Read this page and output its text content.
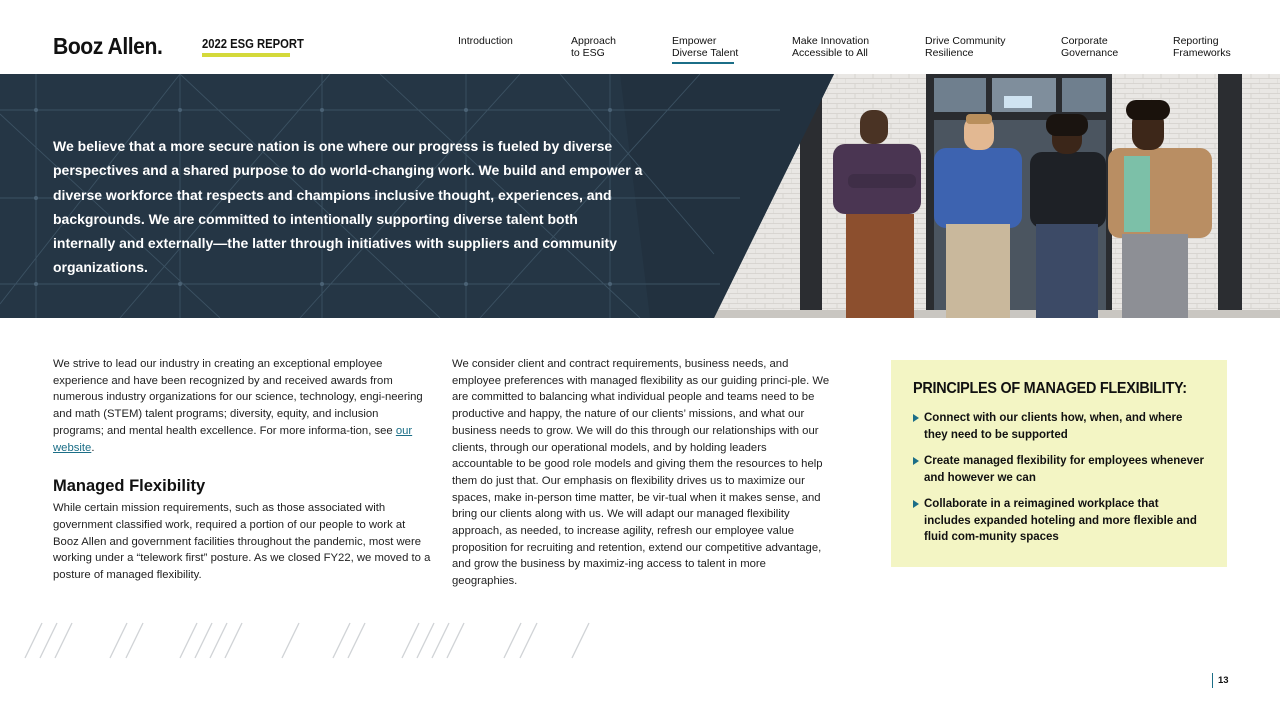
Booz Allen.	2022 ESG REPORT	Introduction	Approach
to ESG
Empower
Diverse Talent
Make Innovation
Accessible to All
Drive Community
Resilience
Corporate
Governance
Reporting
Frameworks
We believe that a more secure nation is one where our progress is fueled by diverse perspectives and a shared purpose to do world-changing work. We build and empower a diverse workforce that respects and champions inclusive thought, experiences, and backgrounds. We are committed to intentionally supporting diverse talent both internally and externally—the latter through initiatives with suppliers and community organizations.

We strive to lead our industry in creating an exceptional employee experience and have been recognized by and received awards from numerous industry organizations for our science, technology, engi-neering and math (STEM) talent programs; diversity, equity, and inclusion programs; and mental health excellence. For more informa-tion, see our website.

Managed Flexibility

While certain mission requirements, such as those associated with government classified work, required a portion of our people to work at Booz Allen and government facilities throughout the pandemic, most were working under a “telework first” posture. As we closed FY22, we moved to a posture of managed flexibility.

We consider client and contract requirements, business needs, and employee preferences with managed flexibility as our guiding princi-ple. We are committed to balancing what individual people and teams need to be productive and happy, the nature of our clients’ missions, and what our business needs to grow. We will do this through our relationships with our clients, through our operational models, and by holding leaders accountable to be good role models and giving them the resources to help them do just that. Our emphasis on flexibility drives us to maximize our spaces, make in-person time matter, be vir-tual when it makes sense, and bring our clients along with us. We will adapt our managed flexibility approach, as needed, to increase agility, refresh our employee value proposition for recruiting and retention, extend our competitive advantage, and grow the business by maximiz-ing access to talent in more geographies.

PRINCIPLES OF MANAGED FLEXIBILITY:
Connect with our clients how, when, and where they need to be supported
Create managed flexibility for employees whenever and however we can
Collaborate in a reimagined workplace that includes expanded hoteling and more flexible and fluid com-munity spaces
13
